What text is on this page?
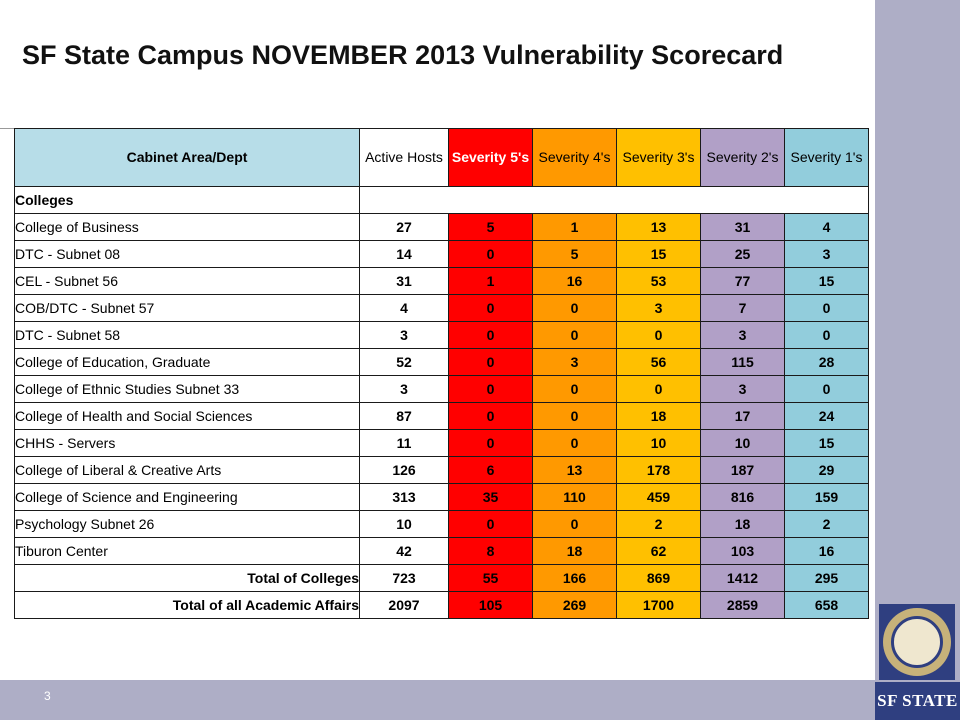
SF State Campus NOVEMBER 2013 Vulnerability Scorecard
Cabinet Area/Dept	Active Hosts	Severity 5's	Severity 4's	Severity 3's	Severity 2's	Severity 1's
Colleges						
College of Business	27	5	1	13	31	4
DTC - Subnet 08	14	0	5	15	25	3
CEL - Subnet 56	31	1	16	53	77	15
COB/DTC - Subnet 57	4	0	0	3	7	0
DTC - Subnet 58	3	0	0	0	3	0
College of Education, Graduate	52	0	3	56	115	28
College of Ethnic Studies Subnet 33	3	0	0	0	3	0
College of Health and Social Sciences	87	0	0	18	17	24
CHHS - Servers	11	0	0	10	10	15
College of Liberal & Creative Arts	126	6	13	178	187	29
College of Science and Engineering	313	35	110	459	816	159
Psychology Subnet 26	10	0	0	2	18	2
Tiburon Center	42	8	18	62	103	16
Total of Colleges	723	55	166	869	1412	295
Total of all Academic Affairs	2097	105	269	1700	2859	658
3	SF STATE
